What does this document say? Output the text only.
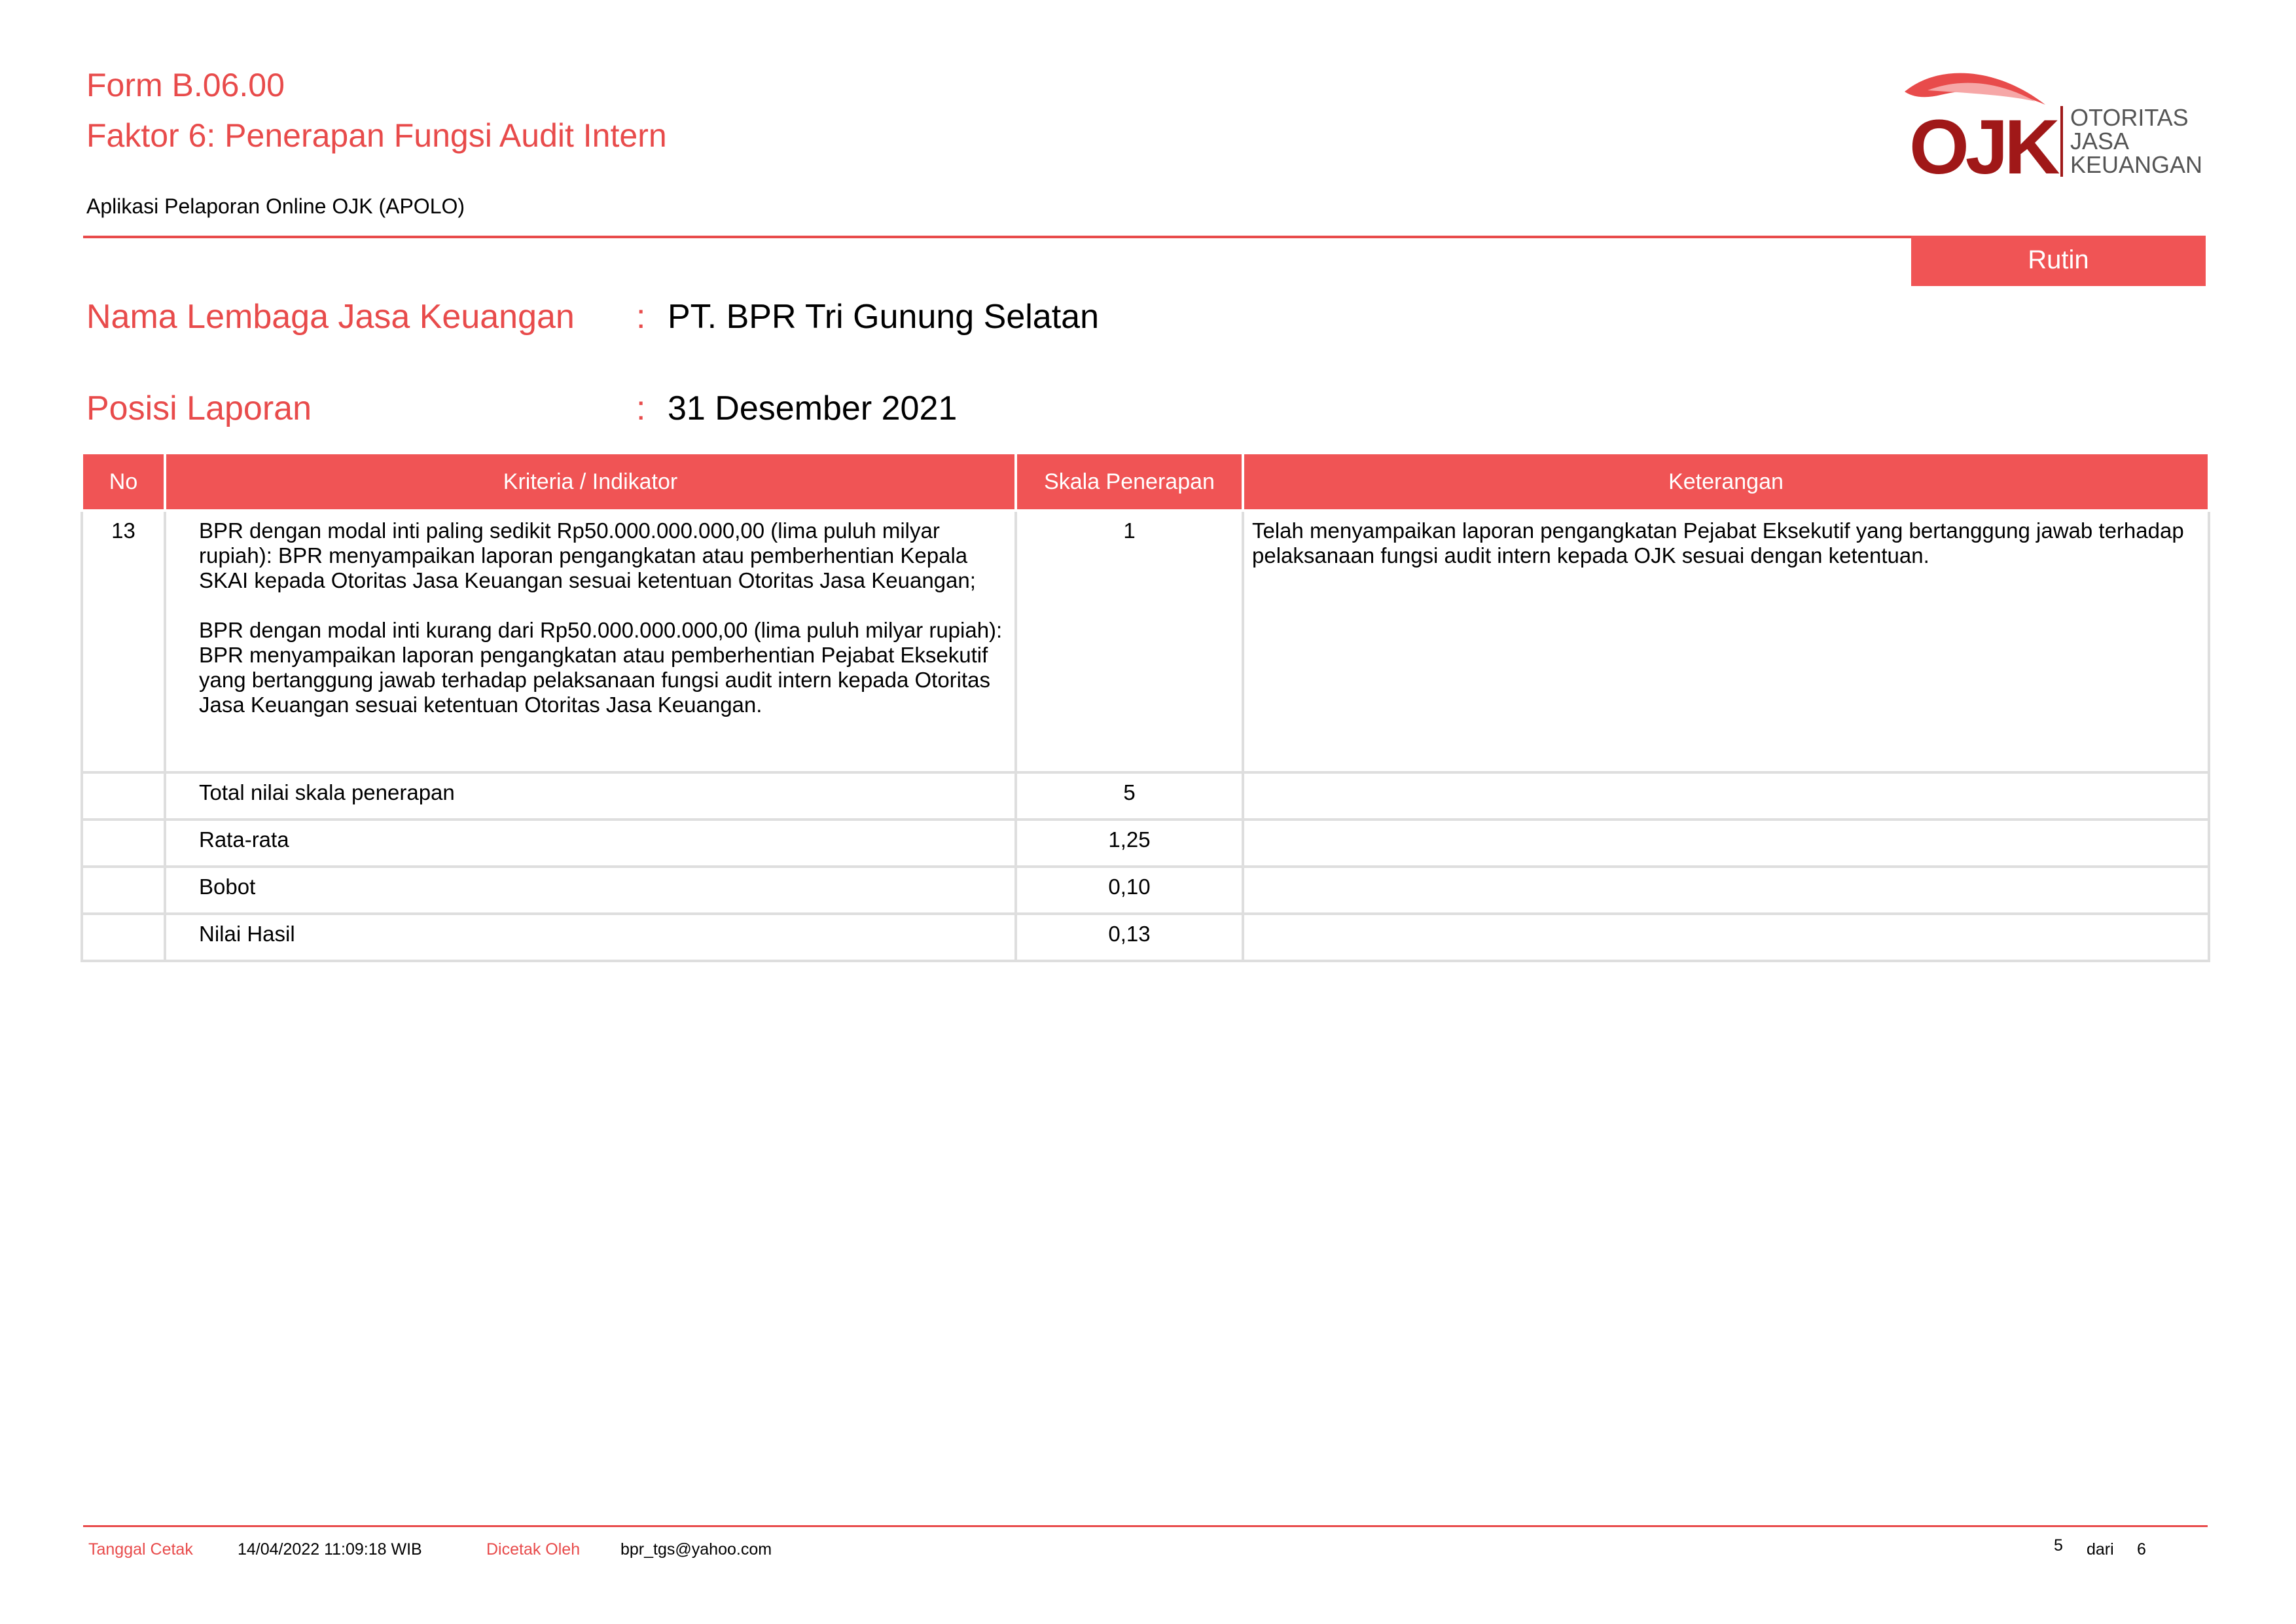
Form B.06.00
Faktor 6: Penerapan Fungsi Audit Intern
Aplikasi Pelaporan Online OJK (APOLO)
OJK OTORITAS
JASA
KEUANGAN
Rutin
Nama Lembaga Jasa Keuangan : PT. BPR Tri Gunung Selatan
Posisi Laporan	: 31 Desember 2021
No	Kriteria / Indikator	Skala Penerapan	Keterangan
13	BPR dengan modal inti paling sedikit Rp50.000.000.000,00 (lima puluh milyar rupiah): BPR menyampaikan laporan pengangkatan atau pemberhentian Kepala SKAI kepada Otoritas Jasa Keuangan sesuai ketentuan Otoritas Jasa Keuangan;

BPR dengan modal inti kurang dari Rp50.000.000.000,00 (lima puluh milyar rupiah): BPR menyampaikan laporan pengangkatan atau pemberhentian Pejabat Eksekutif yang bertanggung jawab terhadap pelaksanaan fungsi audit intern kepada Otoritas Jasa Keuangan sesuai ketentuan Otoritas Jasa Keuangan.	1	Telah menyampaikan laporan pengangkatan Pejabat Eksekutif yang bertanggung jawab terhadap pelaksanaan fungsi audit intern kepada OJK sesuai dengan ketentuan.
	Total nilai skala penerapan	5	
	Rata-rata	1,25	
	Bobot	0,10	
	Nilai Hasil	0,13	
Tanggal Cetak	14/04/2022 11:09:18 WIB	Dicetak Oleh bpr_tgs@yahoo.com	5 dari 6
